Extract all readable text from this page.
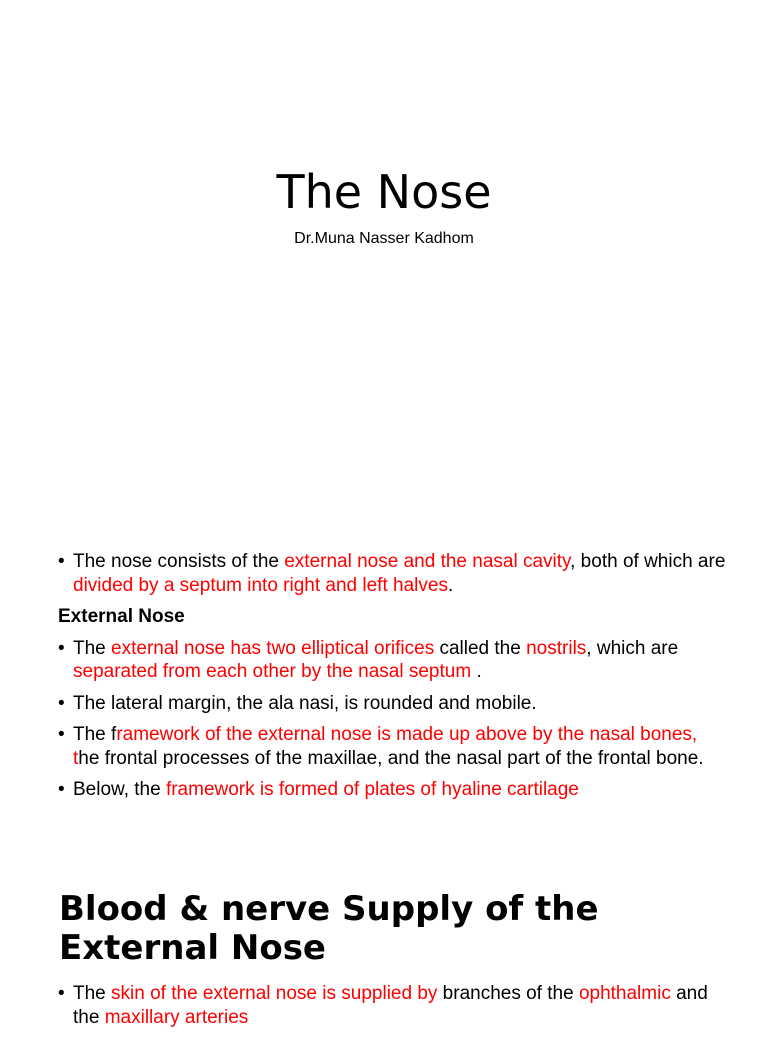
The Nose
Dr.Muna Nasser Kadhom
• The nose consists of the external nose and the nasal cavity, both of which are divided by a septum into right and left halves.
External Nose
• The external nose has two elliptical orifices called the nostrils, which are separated from each other by the nasal septum .
• The lateral margin, the ala nasi, is rounded and mobile.
• The framework of the external nose is made up above by the nasal bones, the frontal processes of the maxillae, and the nasal part of the frontal bone.
• Below, the framework is formed of plates of hyaline cartilage
Blood & nerve Supply of the External Nose
• The skin of the external nose is supplied by branches of the ophthalmic and the maxillary arteries
